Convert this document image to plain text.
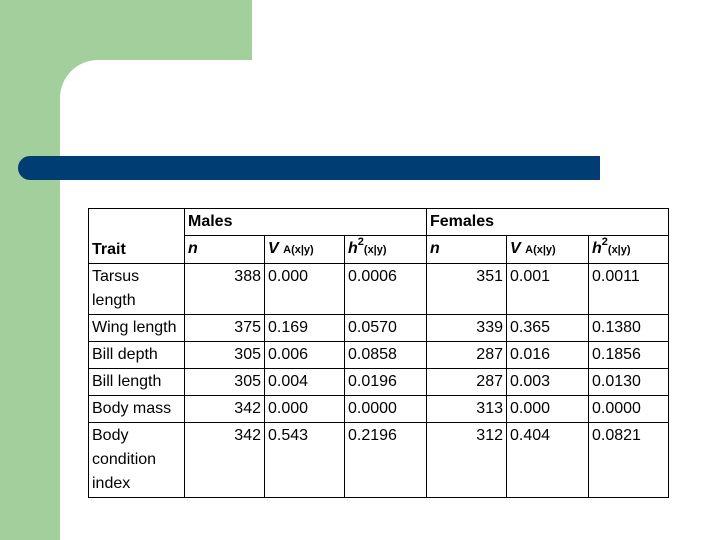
	Males			Females		
Trait	n	V A(x|y)	$h^2(x|y)$	n	V A(x|y)	$h^2(x|y)$
Tarsus length	388	0.000	0.0006	351	0.001	0.0011
Wing length	375	0.169	0.0570	339	0.365	0.1380
Bill depth	305	0.006	0.0858	287	0.016	0.1856
Bill length	305	0.004	0.0196	287	0.003	0.0130
Body mass	342	0.000	0.0000	313	0.000	0.0000
Body condition index	342	0.543	0.2196	312	0.404	0.0821
